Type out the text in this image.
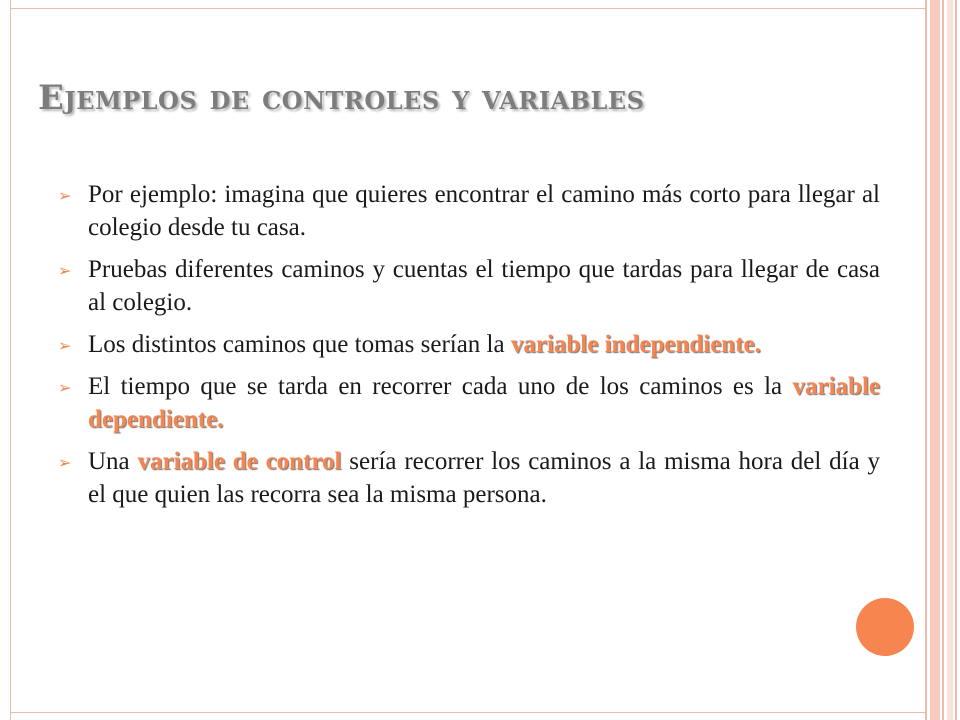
Ejemplos de controles y variables
➢ Por ejemplo: imagina que quieres encontrar el camino más corto para llegar al colegio desde tu casa.
➢ Pruebas diferentes caminos y cuentas el tiempo que tardas para llegar de casa al colegio.
➢ Los distintos caminos que tomas serían la variable independiente.
➢ El tiempo que se tarda en recorrer cada uno de los caminos es la variable dependiente.
➢ Una variable de control sería recorrer los caminos a la misma hora del día y el que quien las recorra sea la misma persona.
